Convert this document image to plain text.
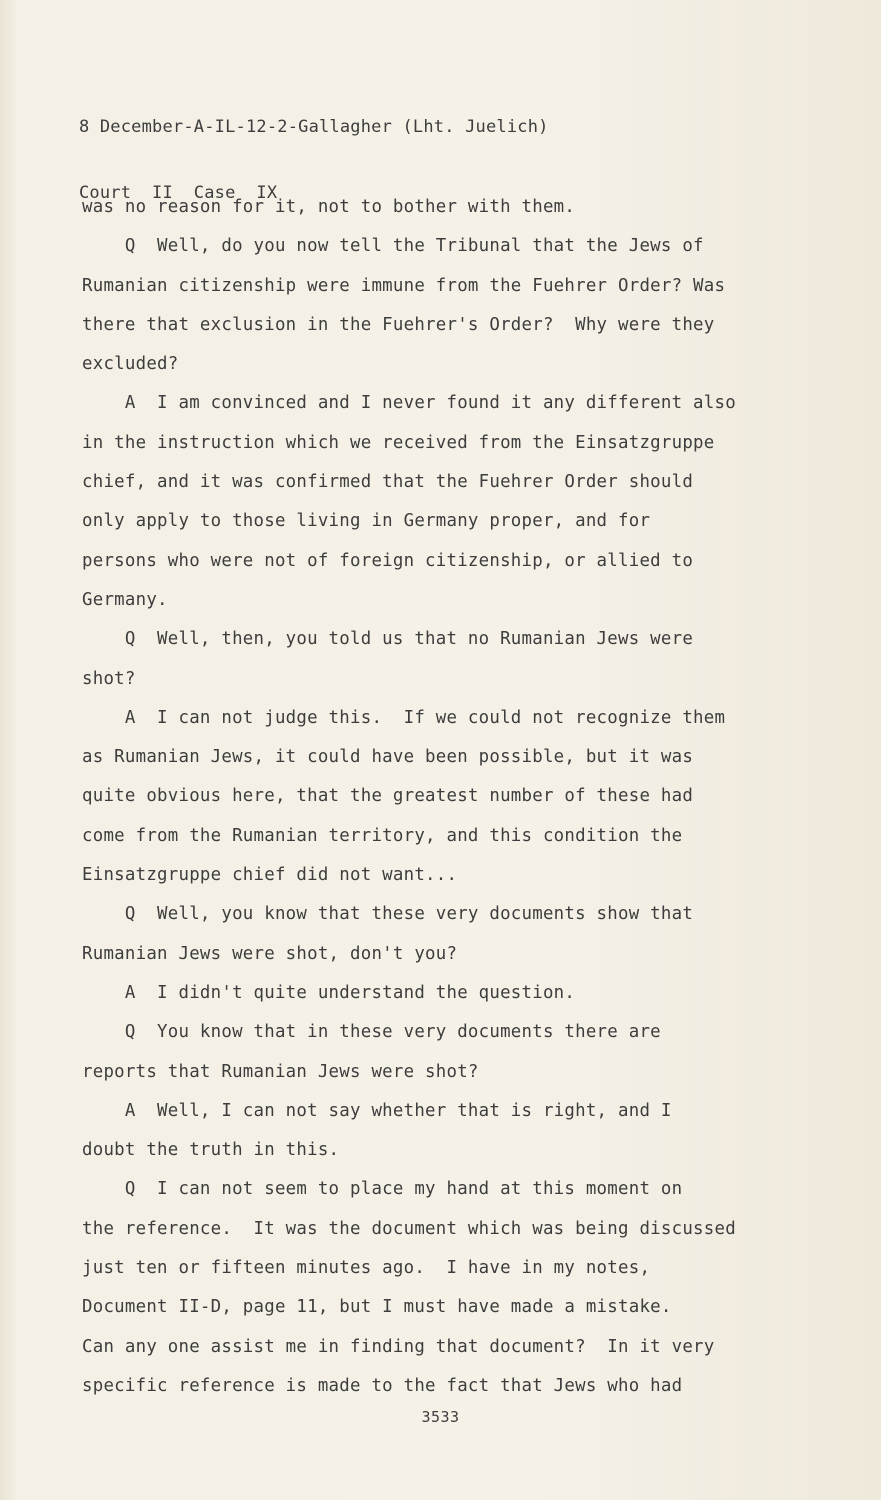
8 December-A-IL-12-2-Gallagher (Lht. Juelich)

Court  II  Case  IX

was no reason for it, not to bother with them.
Q  Well, do you now tell the Tribunal that the Jews of
Rumanian citizenship were immune from the Fuehrer Order? Was
there that exclusion in the Fuehrer's Order?  Why were they
excluded?
A  I am convinced and I never found it any different also
in the instruction which we received from the Einsatzgruppe
chief, and it was confirmed that the Fuehrer Order should
only apply to those living in Germany proper, and for
persons who were not of foreign citizenship, or allied to
Germany.
Q  Well, then, you told us that no Rumanian Jews were
shot?
A  I can not judge this.  If we could not recognize them
as Rumanian Jews, it could have been possible, but it was
quite obvious here, that the greatest number of these had
come from the Rumanian territory, and this condition the
Einsatzgruppe chief did not want...
Q  Well, you know that these very documents show that
Rumanian Jews were shot, don't you?
A  I didn't quite understand the question.
Q  You know that in these very documents there are
reports that Rumanian Jews were shot?
A  Well, I can not say whether that is right, and I
doubt the truth in this.
Q  I can not seem to place my hand at this moment on
the reference.  It was the document which was being discussed
just ten or fifteen minutes ago.  I have in my notes,
Document II-D, page 11, but I must have made a mistake.
Can any one assist me in finding that document?  In it very
specific reference is made to the fact that Jews who had
3533
